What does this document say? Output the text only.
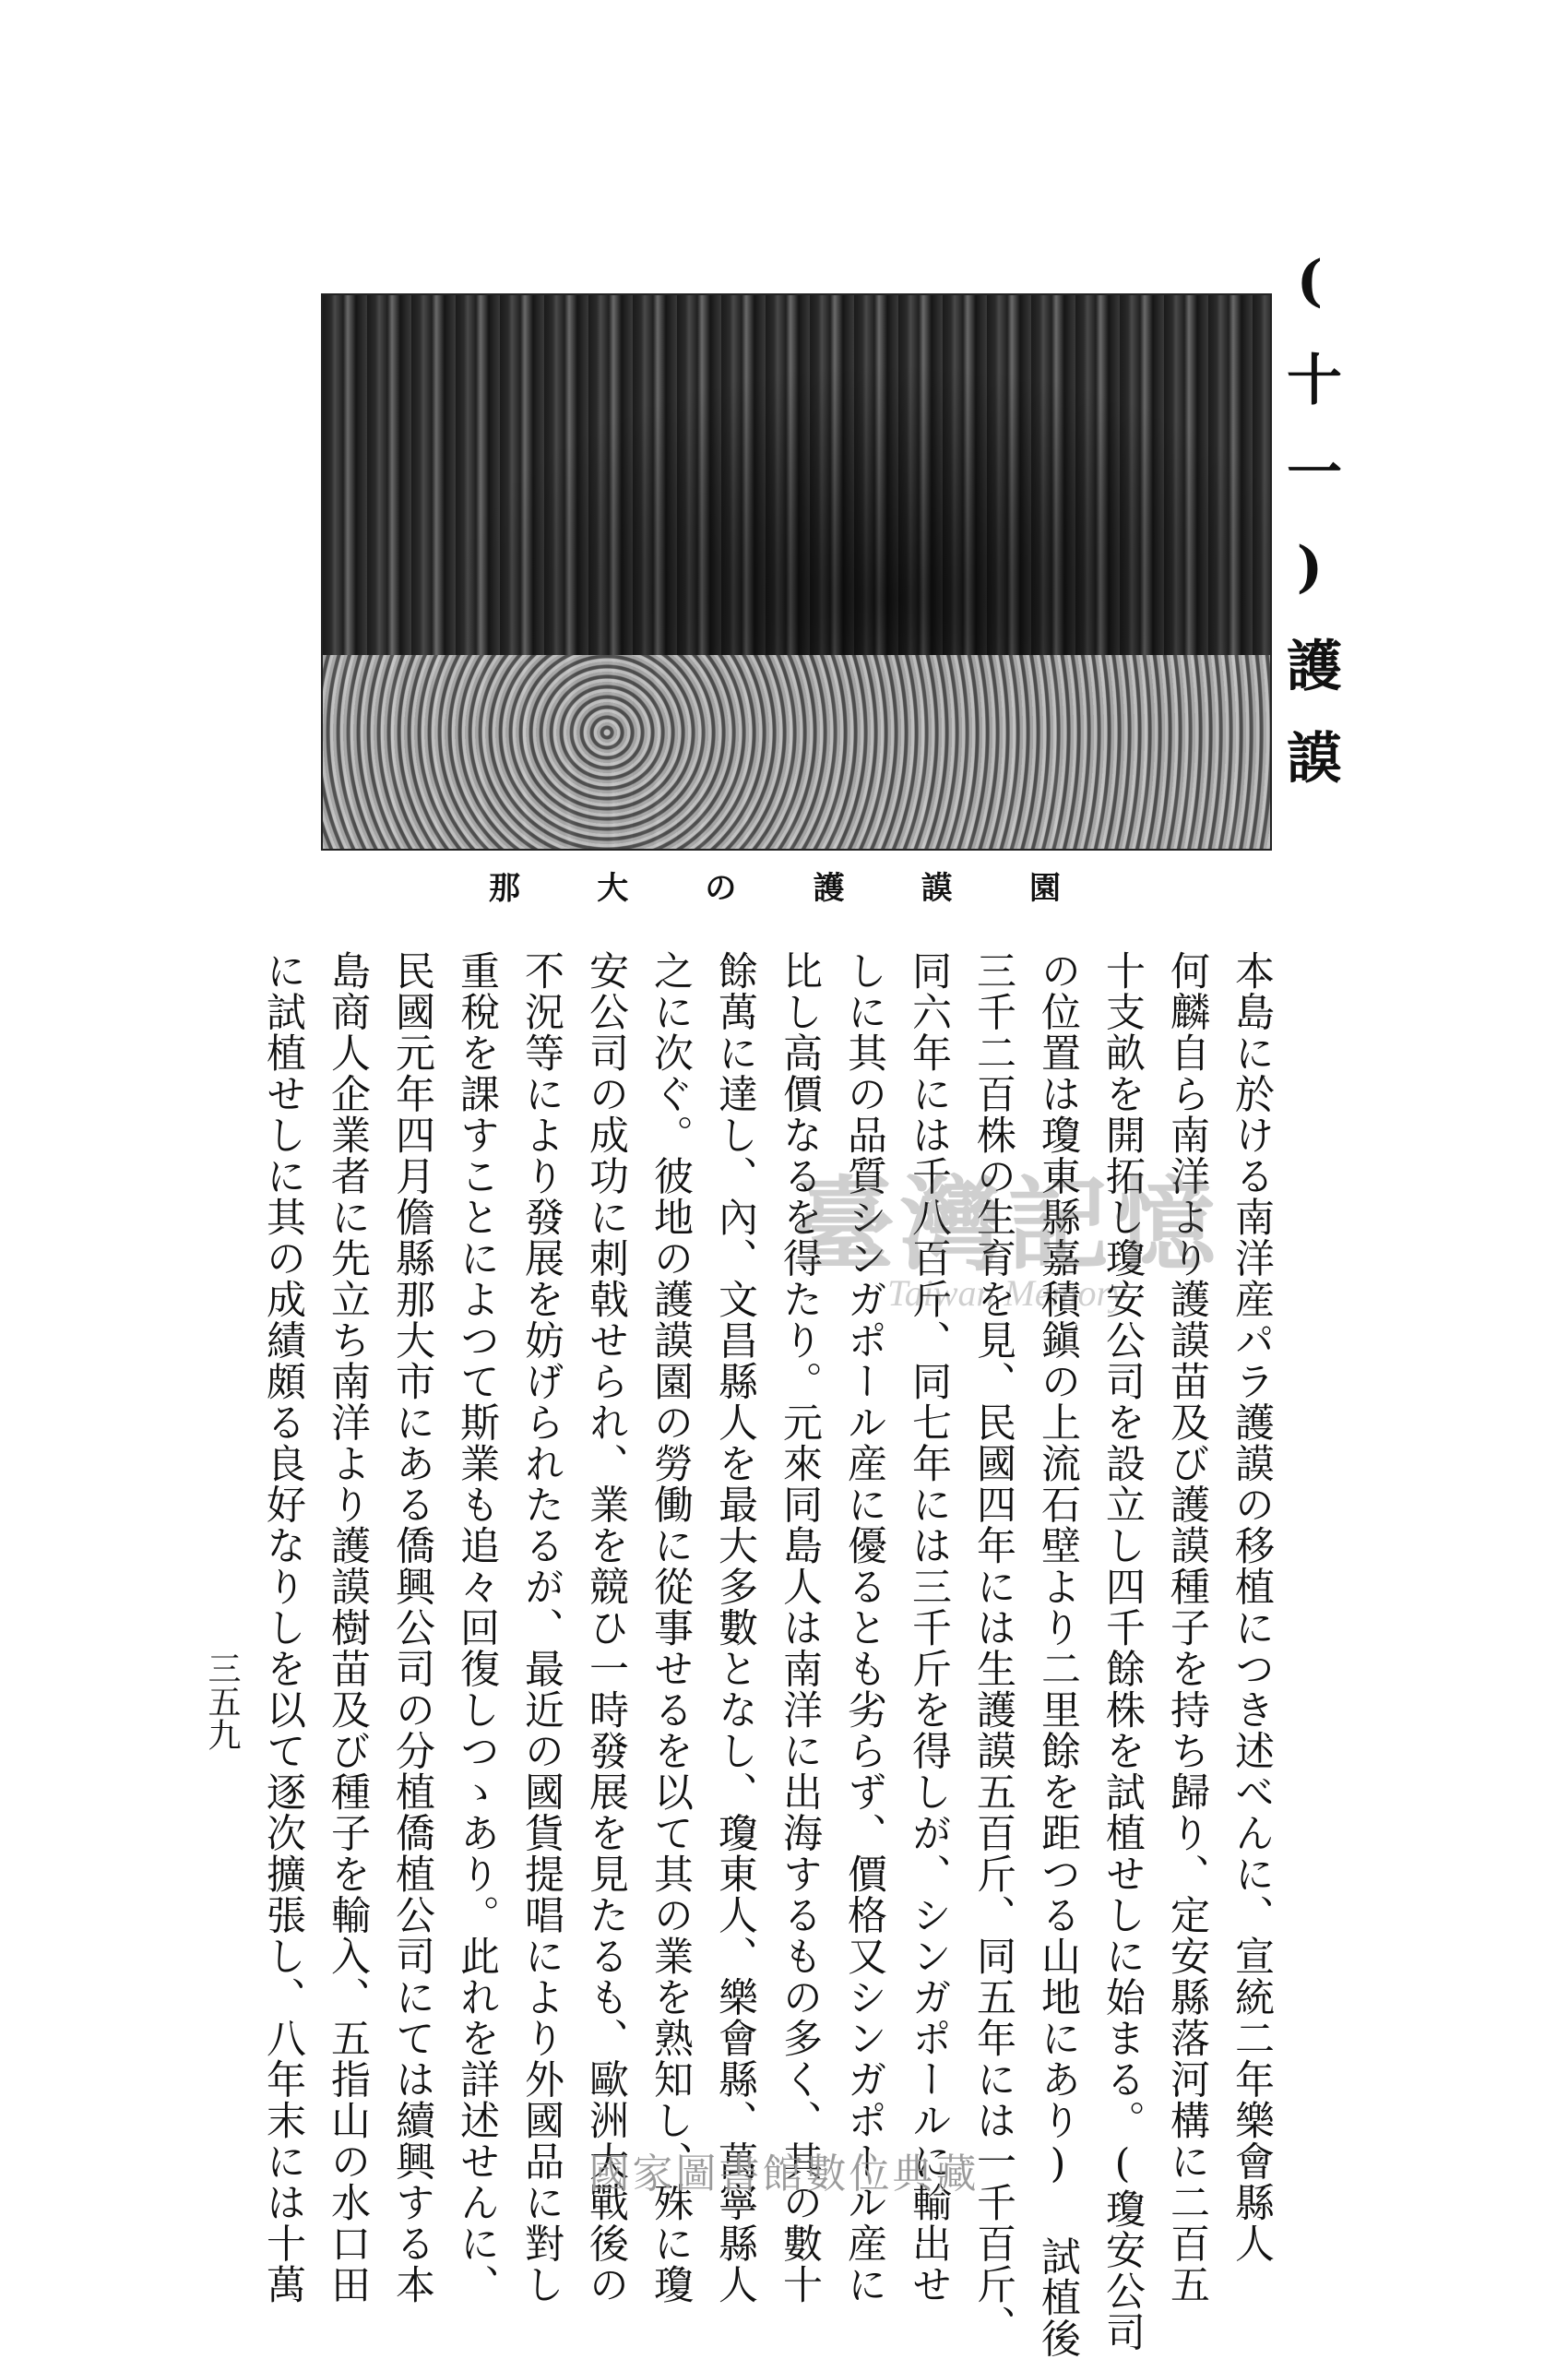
(十一)護謨
那 大 の 護 謨 園
本島に於ける南洋産パラ護謨の移植につき述べんに、宣統二年樂會縣人
何麟自ら南洋より護謨苗及び護謨種子を持ち歸り、定安縣落河構に二百五
十支畝を開拓し瓊安公司を設立し四千餘株を試植せしに始まる。(瓊安公司
の位置は瓊東縣嘉積鎭の上流石壁より二里餘を距つる山地にあり) 試植後
三千二百株の生育を見、民國四年には生護謨五百斤、同五年には一千百斤、
同六年には千八百斤、同七年には三千斤を得しが、シンガポールに輸出せ
しに其の品質シンガポール産に優るとも劣らず、價格又シンガポール産に
比し高價なるを得たり。元來同島人は南洋に出海するもの多く、其の數十
餘萬に達し、內、文昌縣人を最大多數となし、瓊東人、樂會縣、萬寧縣人
之に次ぐ。彼地の護謨園の勞働に從事せるを以て其の業を熟知し、殊に瓊
安公司の成功に刺戟せられ、業を競ひ一時發展を見たるも、歐洲大戰後の
不況等により發展を妨げられたるが、最近の國貨提唱により外國品に對し
重稅を課すことによつて斯業も追々回復しつゝあり。此れを詳述せんに、
民國元年四月儋縣那大市にある僑興公司の分植僑植公司にては續興する本
島商人企業者に先立ち南洋より護謨樹苗及び種子を輸入、五指山の水口田
に試植せしに其の成績頗る良好なりしを以て逐次擴張し、八年末には十萬
三五九
臺灣記憶
Taiwan Memory
國家圖書館數位典藏
